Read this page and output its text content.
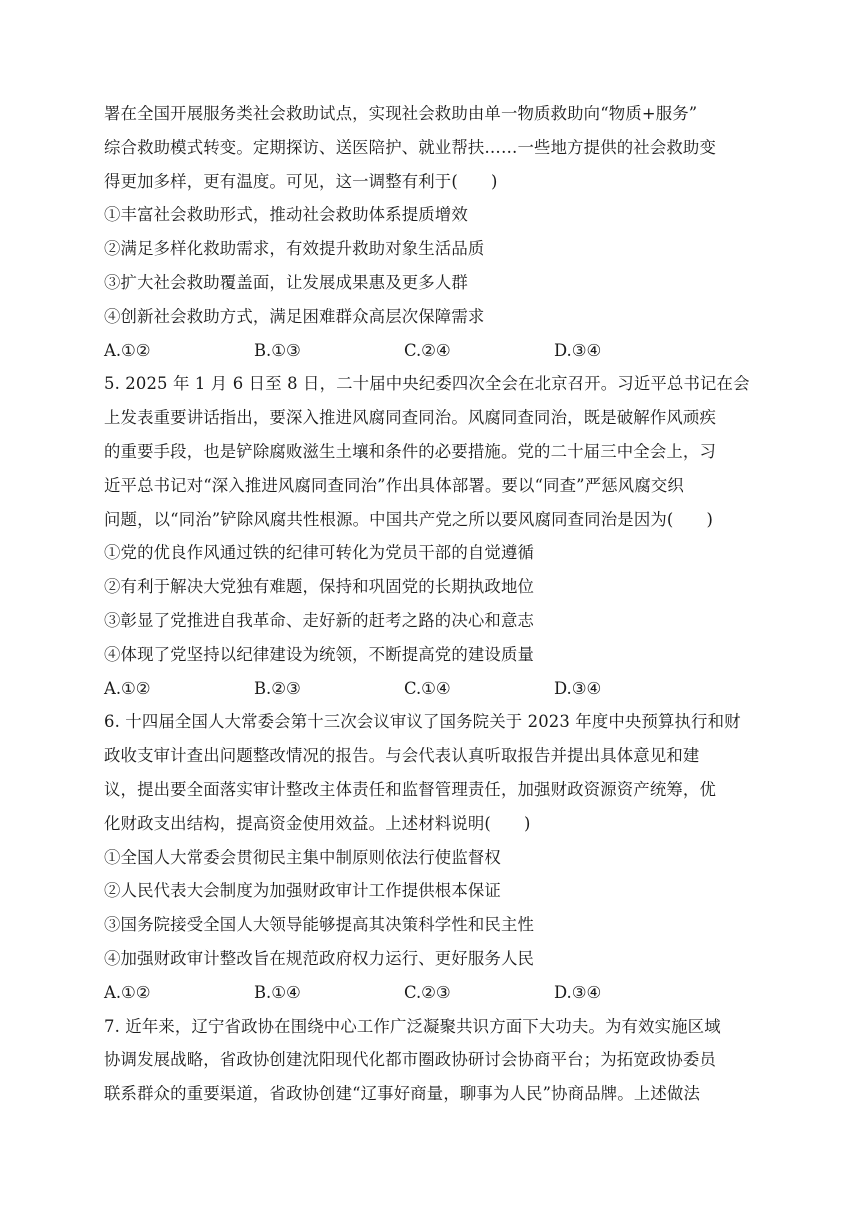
署在全国开展服务类社会救助试点，实现社会救助由单一物质救助向“物质+服务”
综合救助模式转变。定期探访、送医陪护、就业帮扶……一些地方提供的社会救助变
得更加多样，更有温度。可见，这一调整有利于(　　)
①丰富社会救助形式，推动社会救助体系提质增效
②满足多样化救助需求，有效提升救助对象生活品质
③扩大社会救助覆盖面，让发展成果惠及更多人群
④创新社会救助方式，满足困难群众高层次保障需求
A.①②	B.①③	C.②④	D.③④
5. 2025 年 1 月 6 日至 8 日，二十届中央纪委四次全会在北京召开。习近平总书记在会
上发表重要讲话指出，要深入推进风腐同查同治。风腐同查同治，既是破解作风顽疾
的重要手段，也是铲除腐败滋生土壤和条件的必要措施。党的二十届三中全会上，习
近平总书记对“深入推进风腐同查同治”作出具体部署。要以“同查”严惩风腐交织
问题，以“同治”铲除风腐共性根源。中国共产党之所以要风腐同查同治是因为(　　)
①党的优良作风通过铁的纪律可转化为党员干部的自觉遵循
②有利于解决大党独有难题，保持和巩固党的长期执政地位
③彰显了党推进自我革命、走好新的赶考之路的决心和意志
④体现了党坚持以纪律建设为统领，不断提高党的建设质量
A.①②	B.②③	C.①④	D.③④
6. 十四届全国人大常委会第十三次会议审议了国务院关于 2023 年度中央预算执行和财
政收支审计查出问题整改情况的报告。与会代表认真听取报告并提出具体意见和建
议，提出要全面落实审计整改主体责任和监督管理责任，加强财政资源资产统筹，优
化财政支出结构，提高资金使用效益。上述材料说明(　　)
①全国人大常委会贯彻民主集中制原则依法行使监督权
②人民代表大会制度为加强财政审计工作提供根本保证
③国务院接受全国人大领导能够提高其决策科学性和民主性
④加强财政审计整改旨在规范政府权力运行、更好服务人民
A.①②	B.①④	C.②③	D.③④
7. 近年来，辽宁省政协在围绕中心工作广泛凝聚共识方面下大功夫。为有效实施区域
协调发展战略，省政协创建沈阳现代化都市圈政协研讨会协商平台；为拓宽政协委员
联系群众的重要渠道，省政协创建“辽事好商量，聊事为人民”协商品牌。上述做法
